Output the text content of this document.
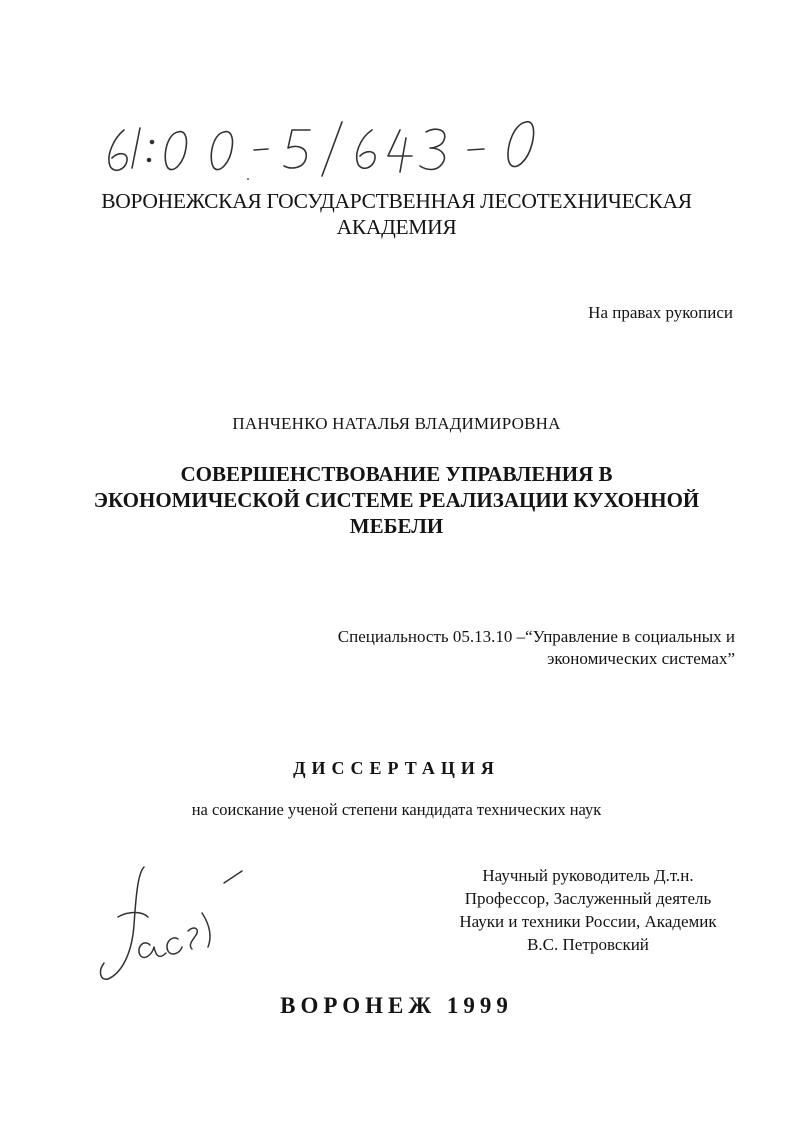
ВОРОНЕЖСКАЯ ГОСУДАРСТВЕННАЯ ЛЕСОТЕХНИЧЕСКАЯ
АКАДЕМИЯ
На правах рукописи
ПАНЧЕНКО НАТАЛЬЯ ВЛАДИМИРОВНА
СОВЕРШЕНСТВОВАНИЕ УПРАВЛЕНИЯ В
ЭКОНОМИЧЕСКОЙ СИСТЕМЕ РЕАЛИЗАЦИИ КУХОННОЙ
МЕБЕЛИ
Специальность 05.13.10 –“Управление в социальных и
экономических системах”
ДИССЕРТАЦИЯ
на соискание ученой степени кандидата технических наук
Научный руководитель Д.т.н.
Профессор, Заслуженный деятель
Науки и техники России, Академик
В.С. Петровский
ВОРОНЕЖ 1999
